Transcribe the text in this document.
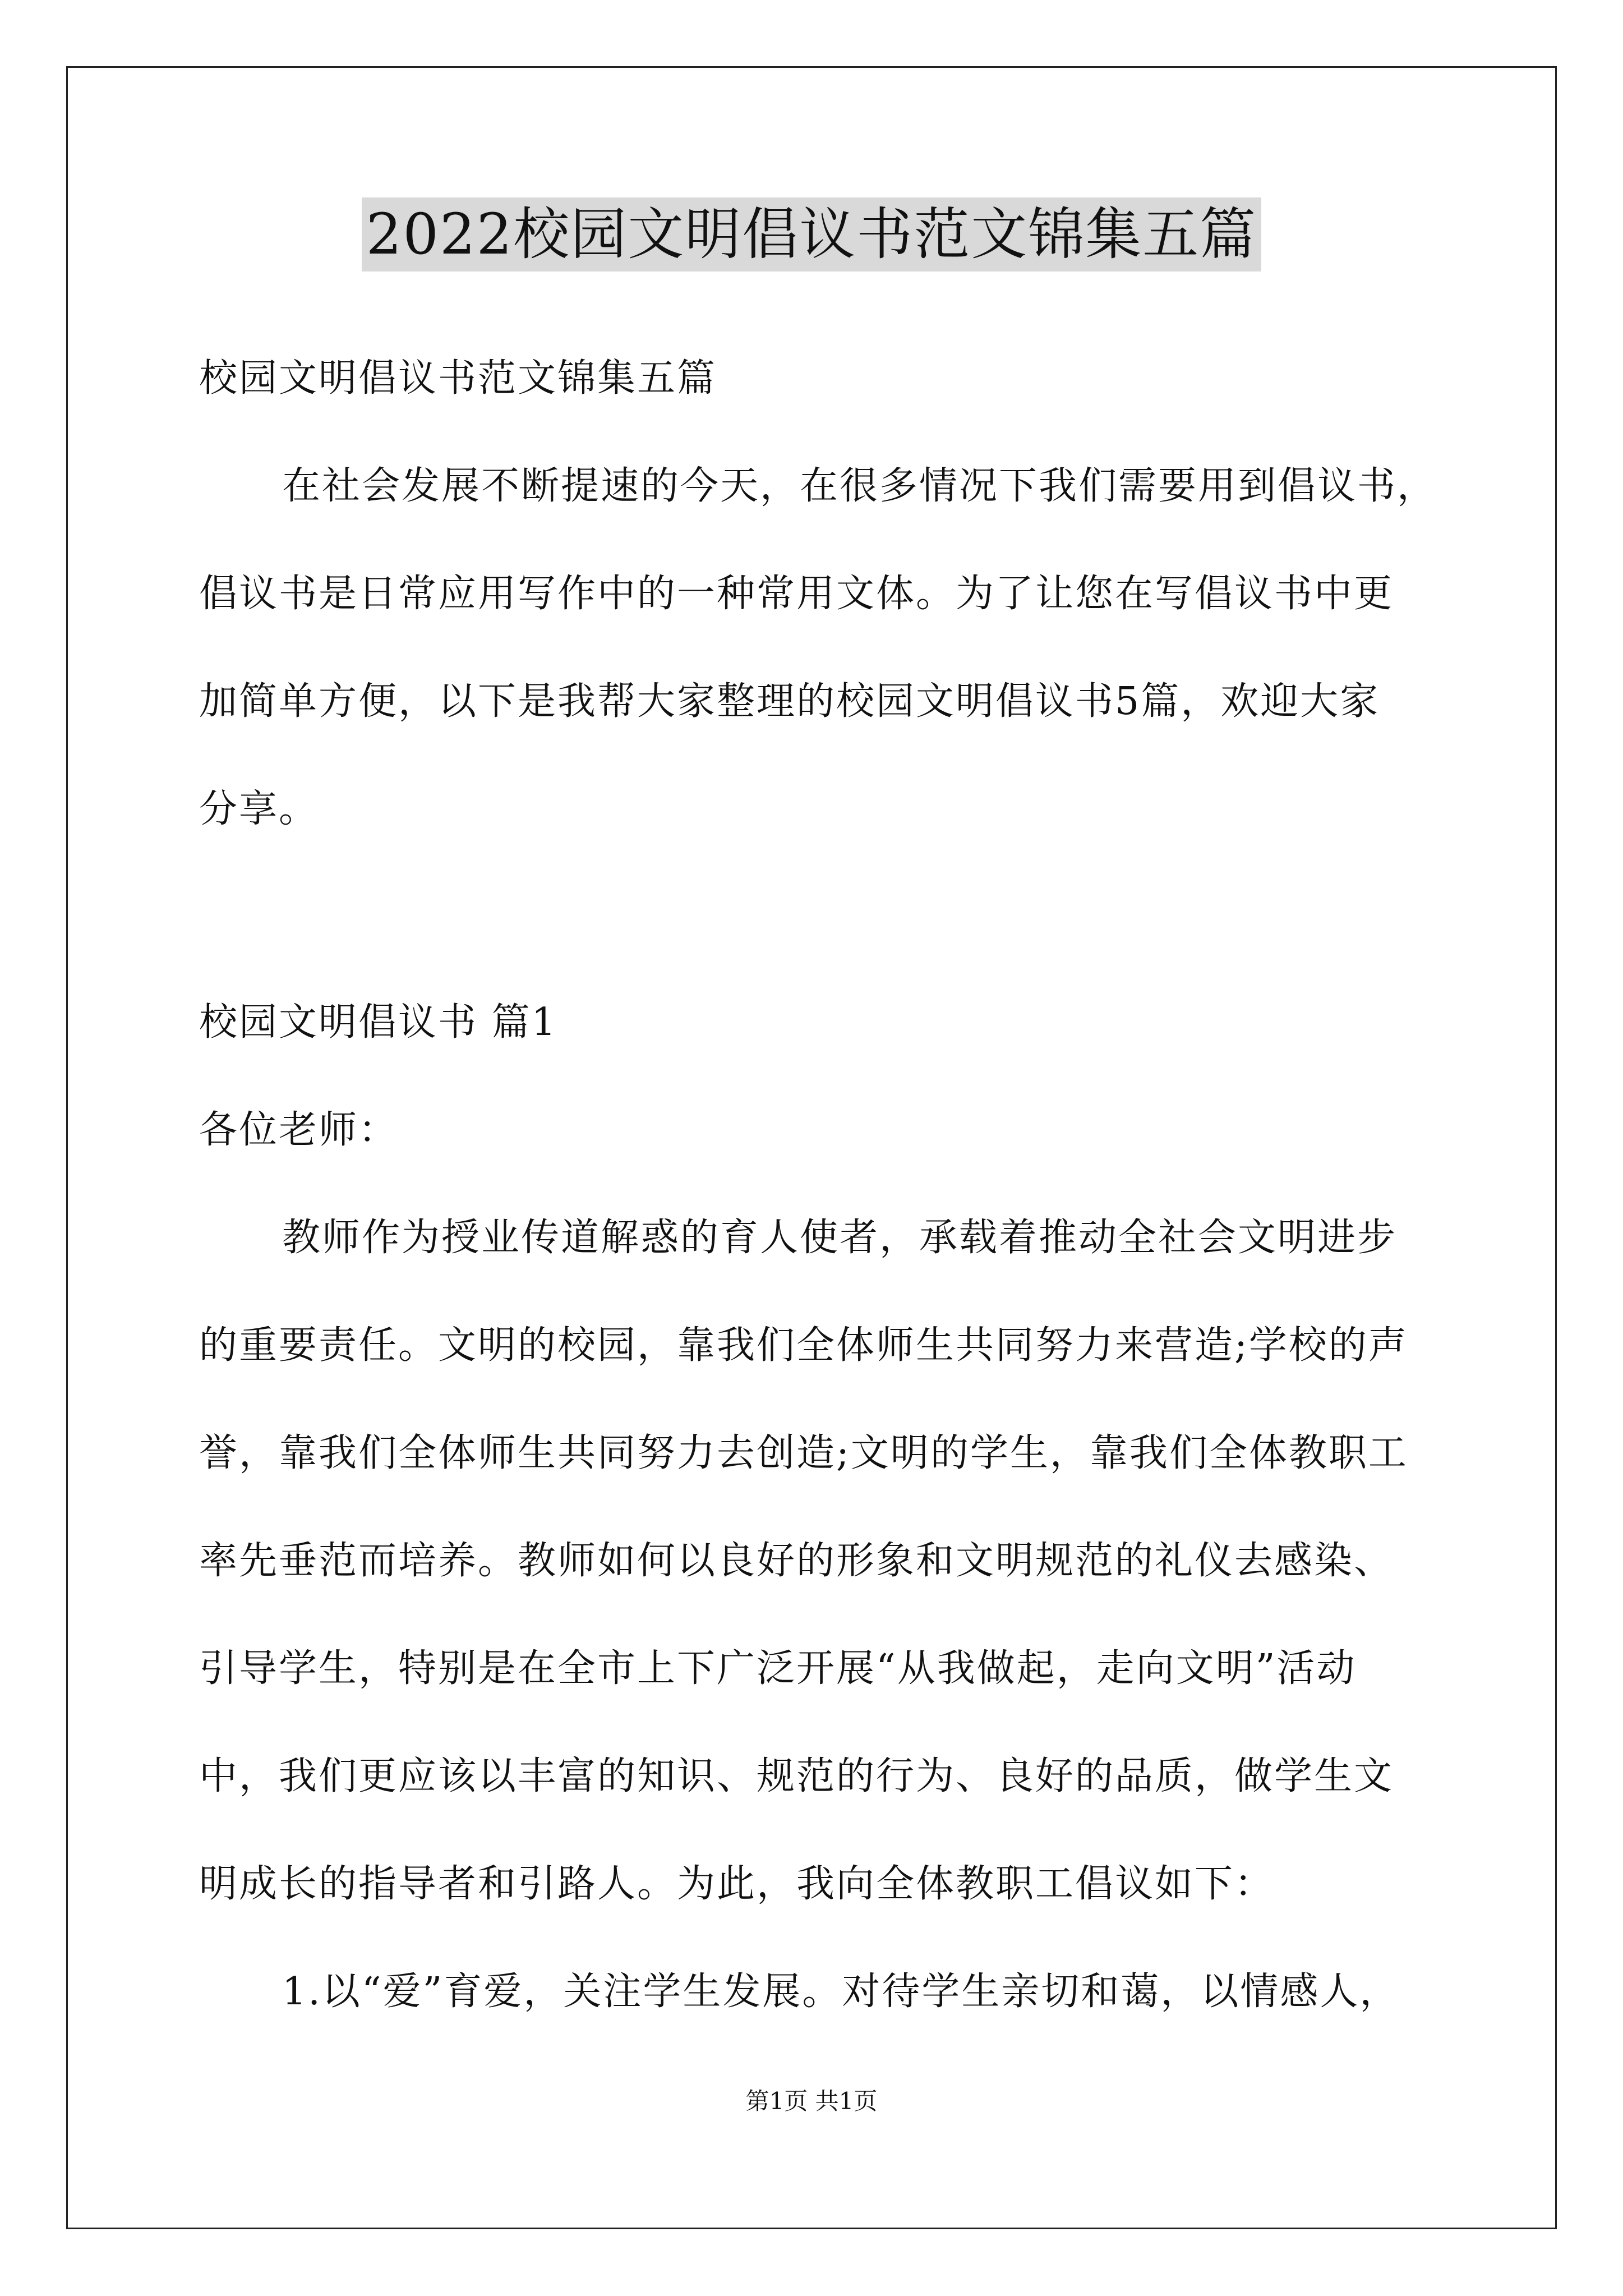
2022校园文明倡议书范文锦集五篇
校园文明倡议书范文锦集五篇
在社会发展不断提速的今天，在很多情况下我们需要用到倡议书，
倡议书是日常应用写作中的一种常用文体。为了让您在写倡议书中更
加简单方便，以下是我帮大家整理的校园文明倡议书5篇，欢迎大家
分享。
校园文明倡议书 篇1
各位老师：
教师作为授业传道解惑的育人使者，承载着推动全社会文明进步
的重要责任。文明的校园，靠我们全体师生共同努力来营造;学校的声
誉，靠我们全体师生共同努力去创造;文明的学生，靠我们全体教职工
率先垂范而培养。教师如何以良好的形象和文明规范的礼仪去感染、
引导学生，特别是在全市上下广泛开展“从我做起，走向文明”活动
中，我们更应该以丰富的知识、规范的行为、良好的品质，做学生文
明成长的指导者和引路人。为此，我向全体教职工倡议如下：
1.以“爱”育爱，关注学生发展。对待学生亲切和蔼，以情感人，
第1页 共1页
